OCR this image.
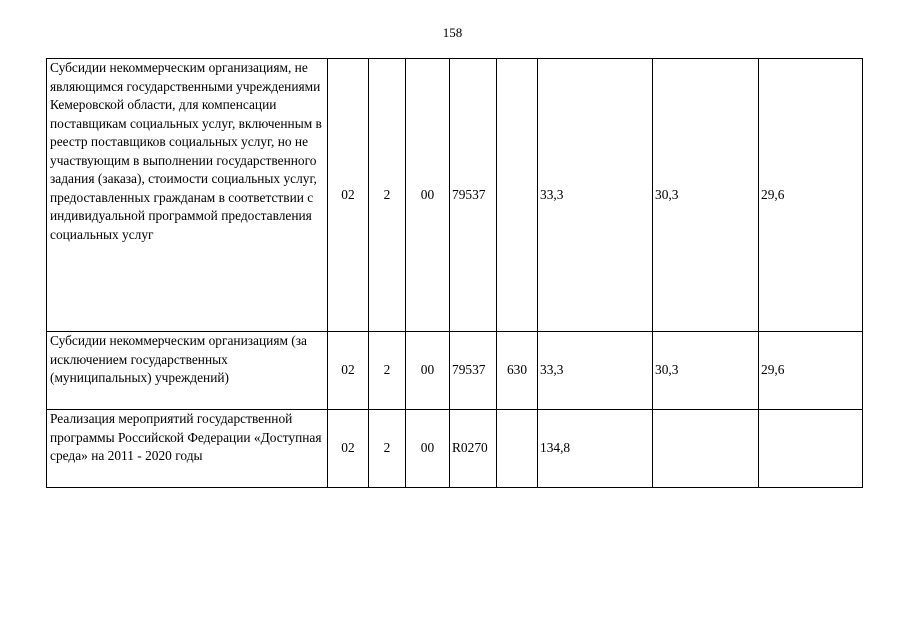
158
Субсидии некоммерческим организациям, не являющимся государственными учреждениями Кемеровской области, для компенсации поставщикам социальных услуг, включенным в реестр поставщиков социальных услуг, но не участвующим в выполнении государственного задания (заказа), стоимости социальных услуг, предоставленных гражданам в соответствии с индивидуальной программой предоставления социальных услуг	02	2	00	79537		33,3	30,3	29,6
Субсидии некоммерческим организациям (за исключением государственных (муниципальных) учреждений)	02	2	00	79537	630	33,3	30,3	29,6
Реализация мероприятий государственной программы Российской Федерации «Доступная среда» на 2011 - 2020 годы	02	2	00	R0270		134,8		
